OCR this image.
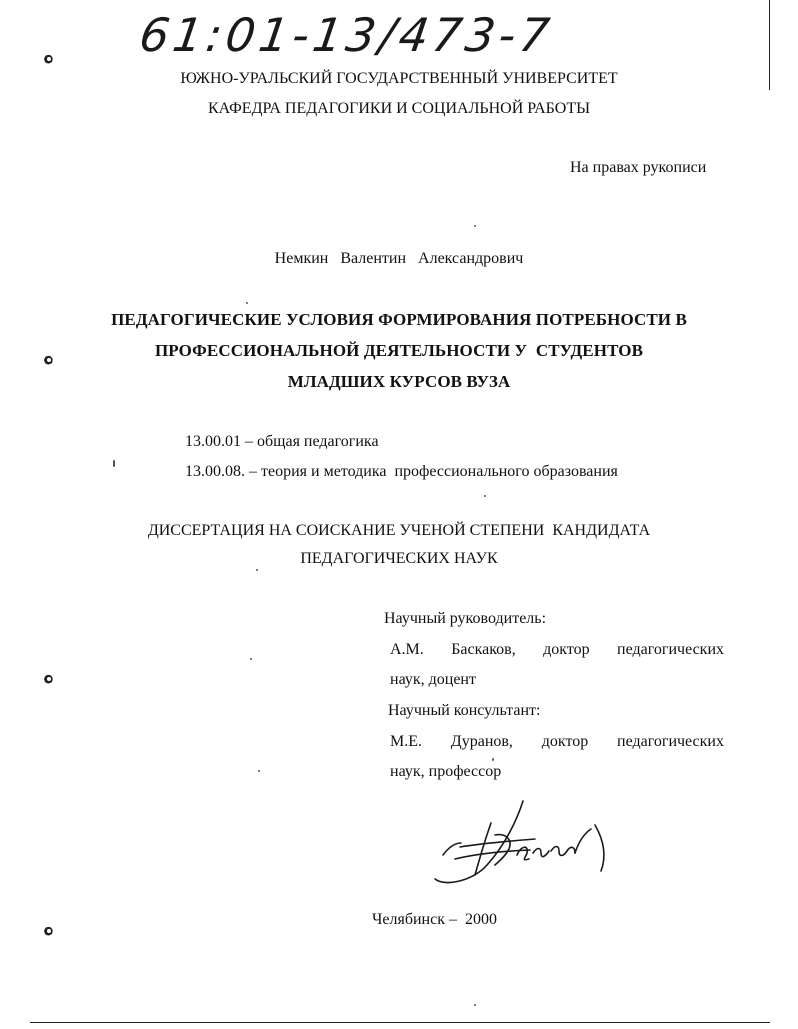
61:01-13/473-7
ЮЖНО-УРАЛЬСКИЙ ГОСУДАРСТВЕННЫЙ УНИВЕРСИТЕТ
КАФЕДРА ПЕДАГОГИКИ И СОЦИАЛЬНОЙ РАБОТЫ
На правах рукописи
Немкин   Валентин   Александрович
ПЕДАГОГИЧЕСКИЕ УСЛОВИЯ ФОРМИРОВАНИЯ ПОТРЕБНОСТИ В
ПРОФЕССИОНАЛЬНОЙ ДЕЯТЕЛЬНОСТИ У  СТУДЕНТОВ
МЛАДШИХ КУРСОВ ВУЗА
13.00.01 – общая педагогика
13.00.08. – теория и методика  профессионального образования
ДИССЕРТАЦИЯ НА СОИСКАНИЕ УЧЕНОЙ СТЕПЕНИ  КАНДИДАТА
ПЕДАГОГИЧЕСКИХ НАУК
Научный руководитель:
А.М. Баскаков, доктор педагогических
наук, доцент
Научный консультант:
М.Е. Дуранов, доктор педагогических
наук, профессор
Челябинск –  2000
